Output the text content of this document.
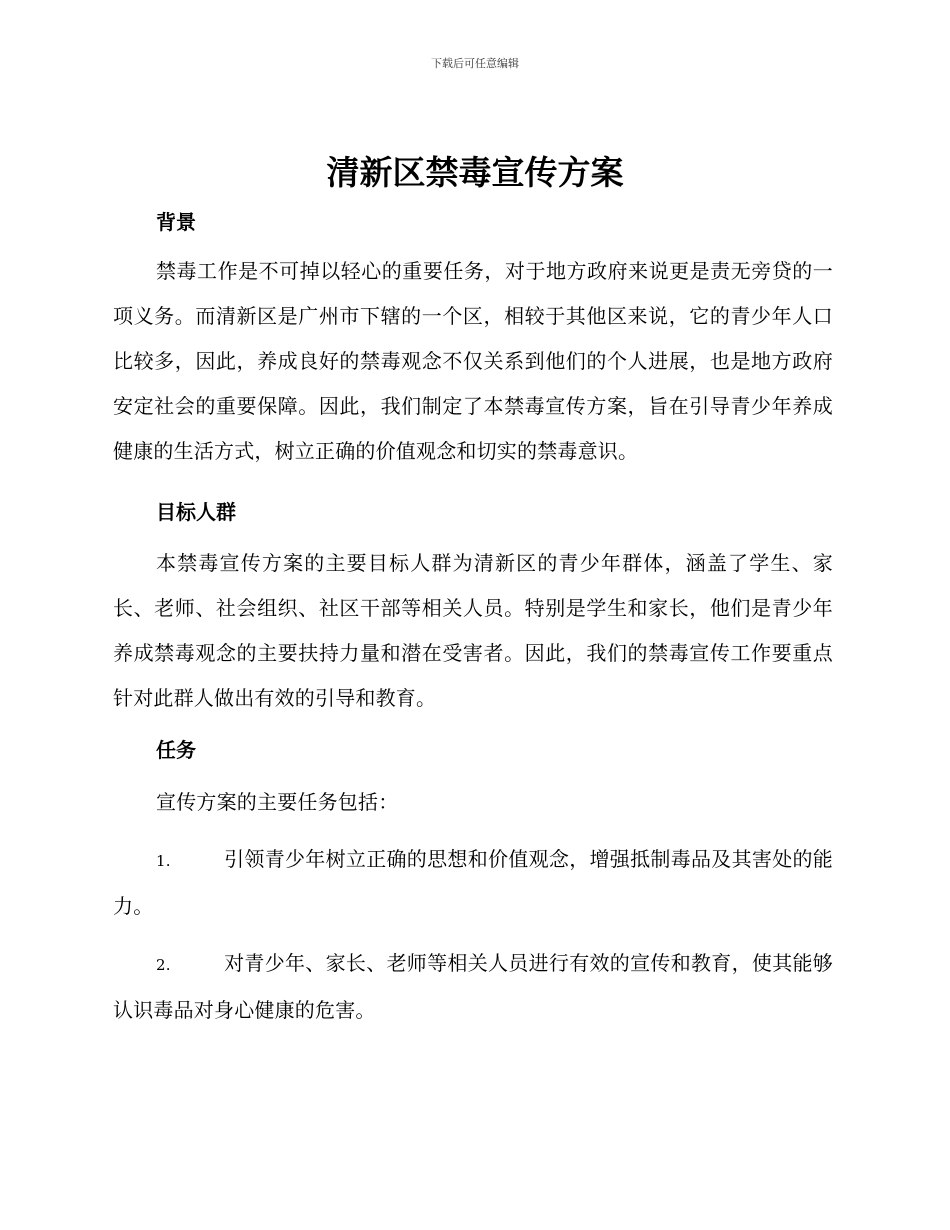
下载后可任意编辑
清新区禁毒宣传方案
背景

禁毒工作是不可掉以轻心的重要任务，对于地方政府来说更是责无旁贷的一项义务。而清新区是广州市下辖的一个区，相较于其他区来说，它的青少年人口比较多，因此，养成良好的禁毒观念不仅关系到他们的个人进展，也是地方政府安定社会的重要保障。因此，我们制定了本禁毒宣传方案，旨在引导青少年养成健康的生活方式，树立正确的价值观念和切实的禁毒意识。

目标人群

本禁毒宣传方案的主要目标人群为清新区的青少年群体，涵盖了学生、家长、老师、社会组织、社区干部等相关人员。特别是学生和家长，他们是青少年养成禁毒观念的主要扶持力量和潜在受害者。因此，我们的禁毒宣传工作要重点针对此群人做出有效的引导和教育。

任务

宣传方案的主要任务包括：

1.	引领青少年树立正确的思想和价值观念，增强抵制毒品及其害处的能力。

2.	对青少年、家长、老师等相关人员进行有效的宣传和教育，使其能够认识毒品对身心健康的危害。
